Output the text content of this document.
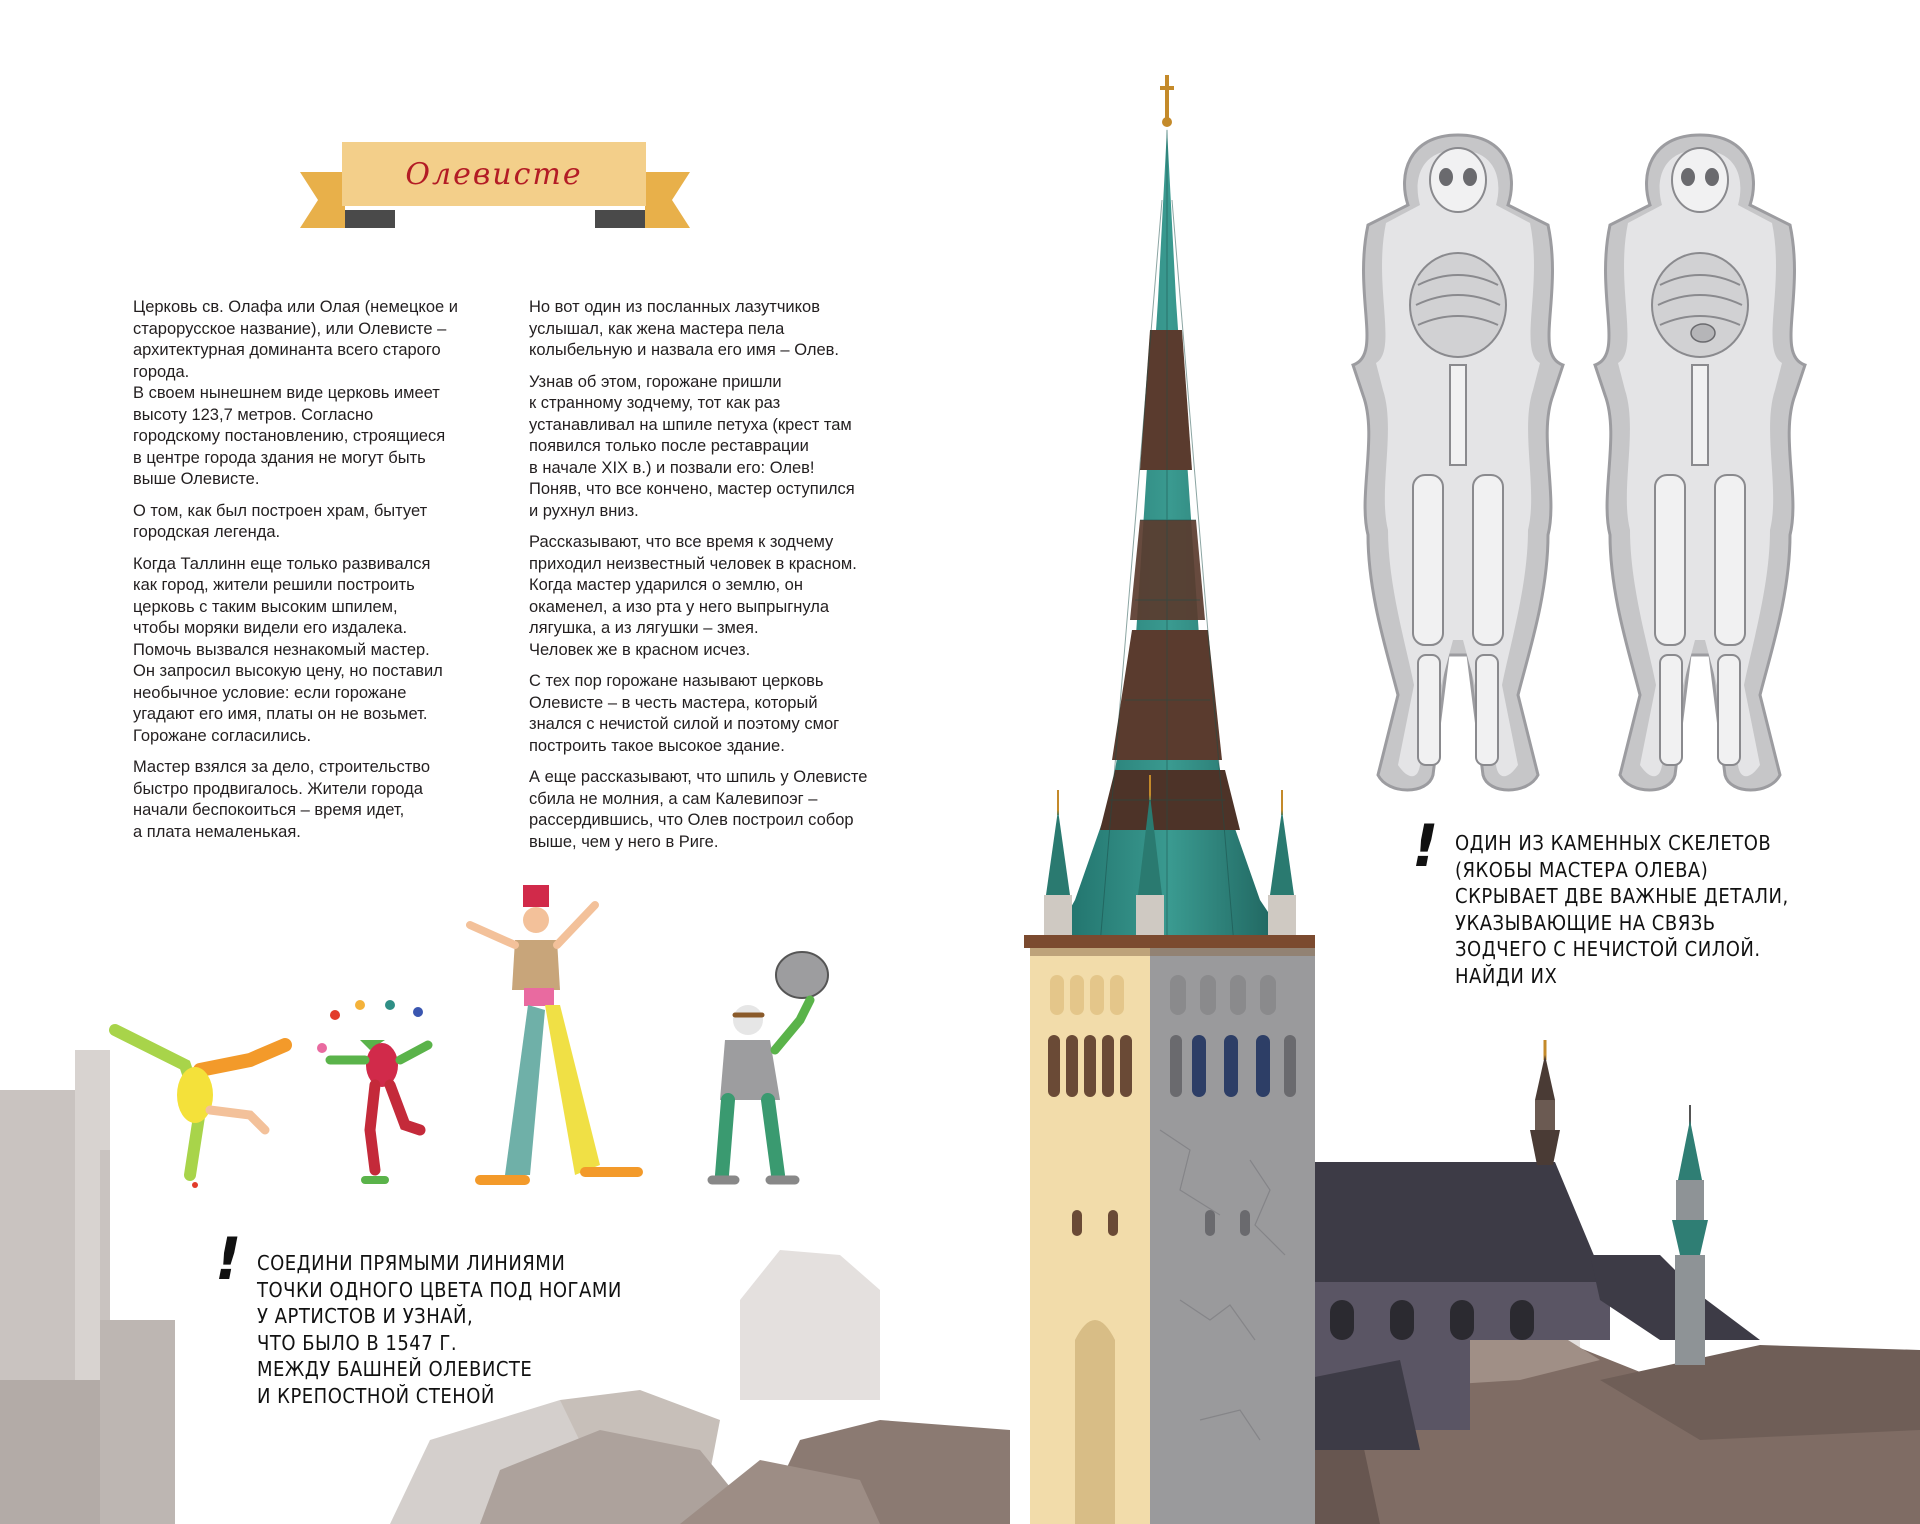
Олевисте

Церковь св. Олафа или Олая (немецкое и
старорусское название), или Олевисте –
архитектурная доминанта всего старого
города.
В своем нынешнем виде церковь имеет
высоту 123,7 метров. Согласно
городскому постановлению, строящиеся
в центре города здания не могут быть
выше Олевисте.

О том, как был построен храм, бытует
городская легенда.

Когда Таллинн еще только развивался
как город, жители решили построить
церковь с таким высоким шпилем,
чтобы моряки видели его издалека.
Помочь вызвался незнакомый мастер.
Он запросил высокую цену, но поставил
необычное условие: если горожане
угадают его имя, платы он не возьмет.
Горожане согласились.

Мастер взялся за дело, строительство
быстро продвигалось. Жители города
начали беспокоиться – время идет,
а плата немаленькая.

Но вот один из посланных лазутчиков
услышал, как жена мастера пела
колыбельную и назвала его имя – Олев.

Узнав об этом, горожане пришли
к странному зодчему, тот как раз
устанавливал на шпиле петуха (крест там
появился только после реставрации
в начале XIX в.) и позвали его: Олев!
Поняв, что все кончено, мастер оступился
и рухнул вниз.

Рассказывают, что все время к зодчему
приходил неизвестный человек в красном.
Когда мастер ударился о землю, он
окаменел, а изо рта у него выпрыгнула
лягушка, а из лягушки – змея.
Человек же в красном исчез.

С тех пор горожане называют церковь
Олевисте – в честь мастера, который
знался с нечистой силой и поэтому смог
построить такое высокое здание.

А еще рассказывают, что шпиль у Олевисте
сбила не молния, а сам Калевипоэг –
рассердившись, что Олев построил собор
выше, чем у него в Риге.	! ОДИН ИЗ КАМЕННЫХ СКЕЛЕТОВ
(ЯКОБЫ МАСТЕРА ОЛЕВА)
СКРЫВАЕТ ДВЕ ВАЖНЫЕ ДЕТАЛИ,
УКАЗЫВАЮЩИЕ НА СВЯЗЬ
ЗОДЧЕГО С НЕЧИСТОЙ СИЛОЙ.
НАЙДИ ИХ
! СОЕДИНИ ПРЯМЫМИ ЛИНИЯМИ
ТОЧКИ ОДНОГО ЦВЕТА ПОД НОГАМИ
У АРТИСТОВ И УЗНАЙ,
ЧТО БЫЛО В 1547 Г.
МЕЖДУ БАШНЕЙ ОЛЕВИСТЕ
И КРЕПОСТНОЙ СТЕНОЙ
